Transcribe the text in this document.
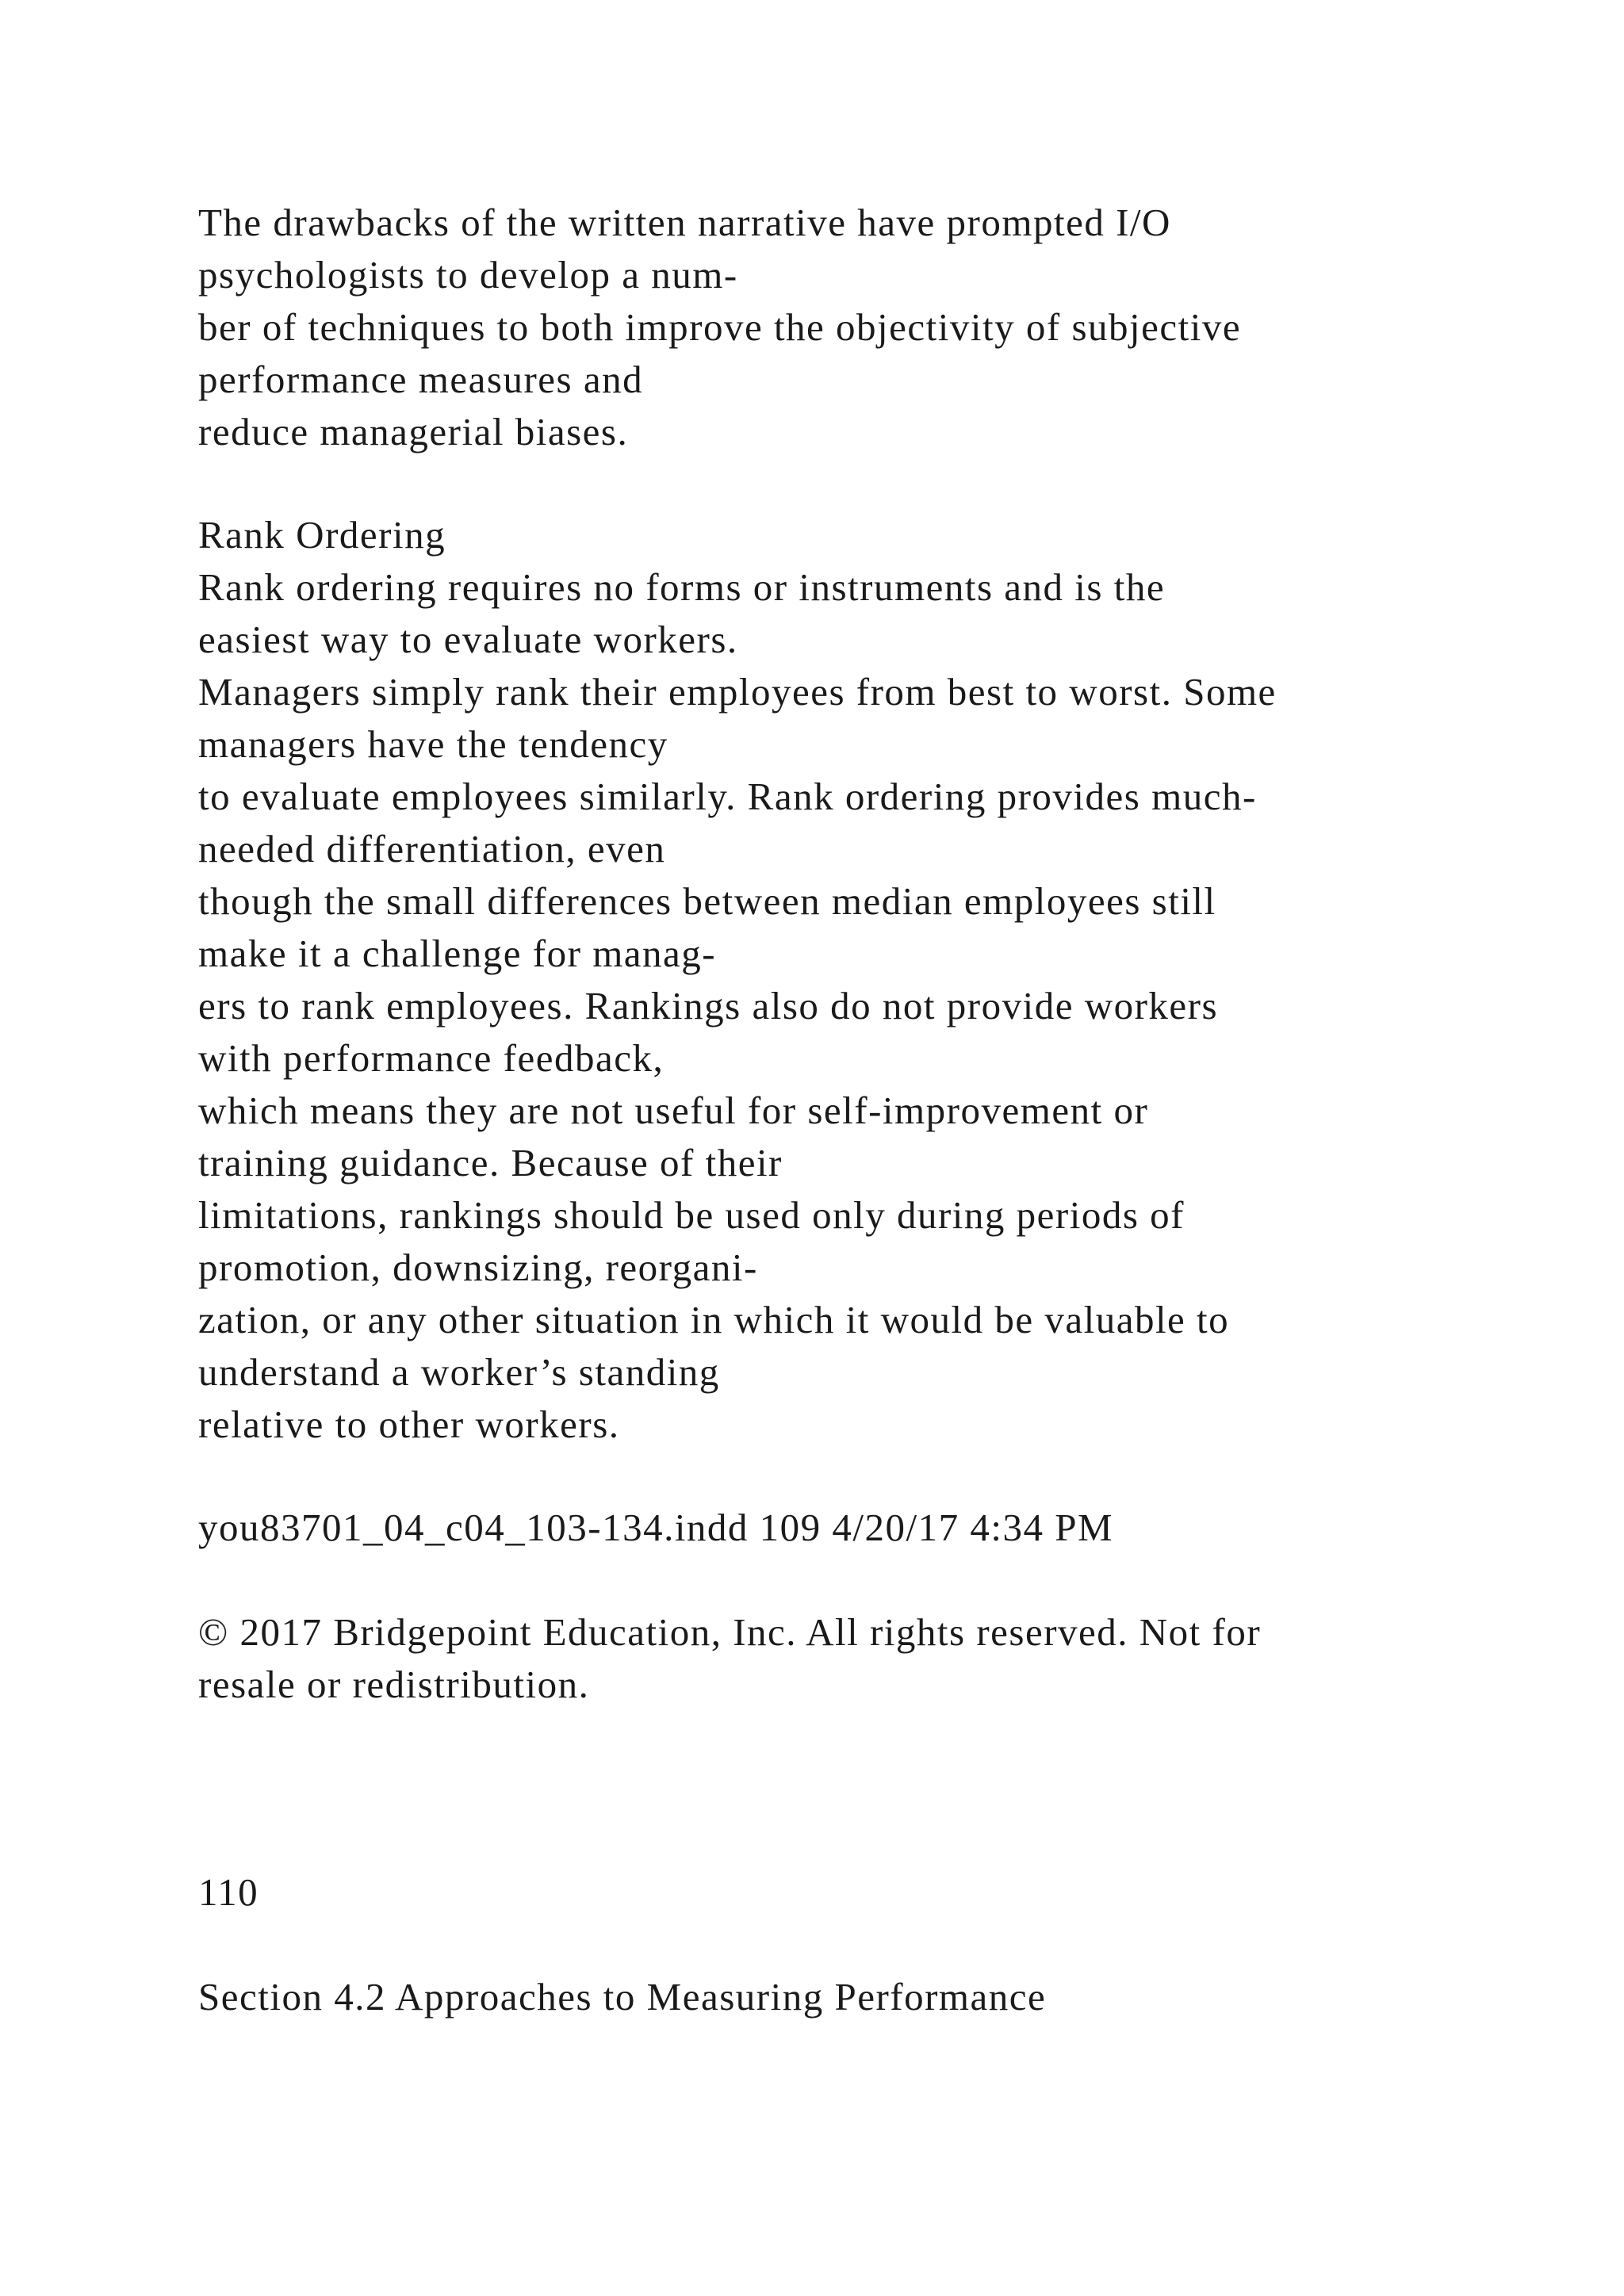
The drawbacks of the written narrative have prompted I/O
psychologists to develop a num-
ber of techniques to both improve the objectivity of subjective
performance measures and
reduce managerial biases.

Rank Ordering

Rank ordering requires no forms or instruments and is the
easiest way to evaluate workers.
Managers simply rank their employees from best to worst. Some
managers have the tendency
to evaluate employees similarly. Rank ordering provides much-
needed differentiation, even
though the small differences between median employees still
make it a challenge for manag-
ers to rank employees. Rankings also do not provide workers
with performance feedback,
which means they are not useful for self-improvement or
training guidance. Because of their
limitations, rankings should be used only during periods of
promotion, downsizing, reorgani-
zation, or any other situation in which it would be valuable to
understand a worker’s standing
relative to other workers.

you83701_04_c04_103-134.indd 109 4/20/17 4:34 PM

© 2017 Bridgepoint Education, Inc. All rights reserved. Not for
resale or redistribution.

110

Section 4.2 Approaches to Measuring Performance
